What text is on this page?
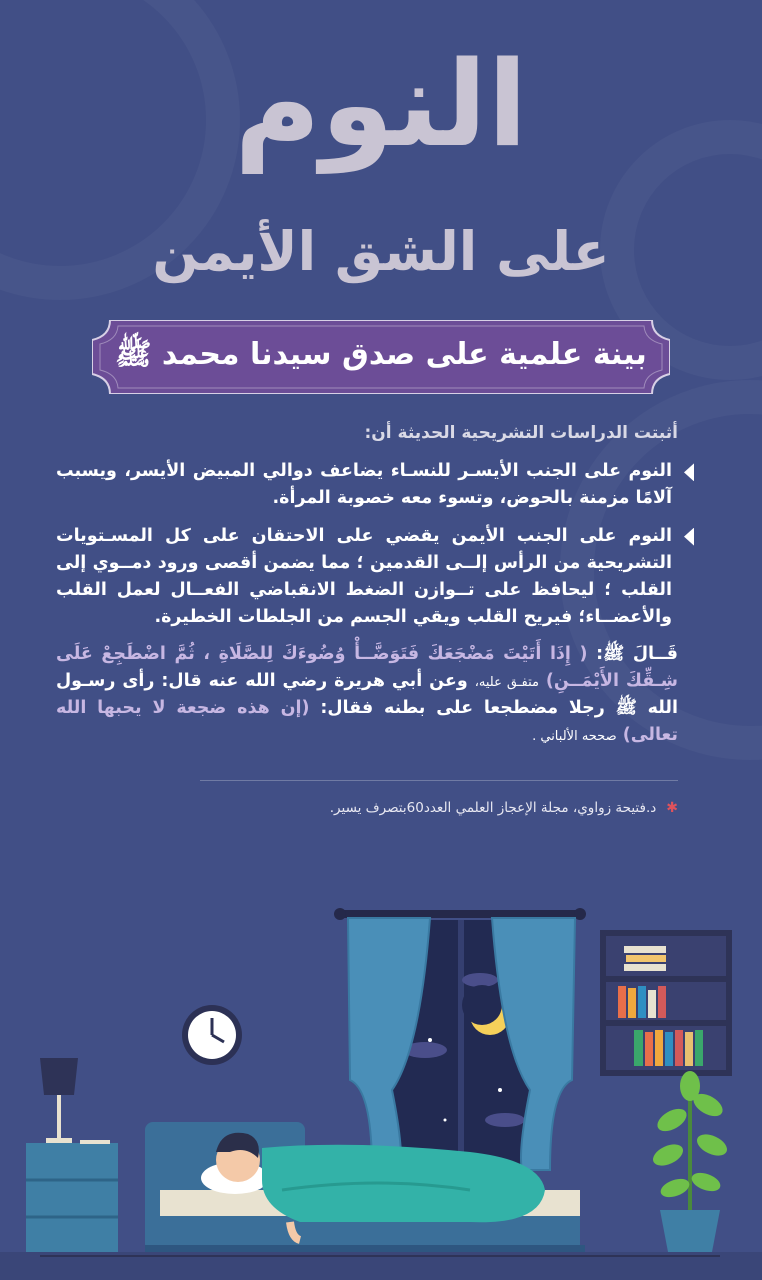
النوم
على الشق الأيمن
بينة علمية على صدق سيدنا محمد ﷺ
أثبتت الدراسات التشريحية الحديثة أن:
النوم على الجنب الأيسـر للنسـاء يضاعف دوالي المبيض الأيسر، ويسبب آلامًا مزمنة بالحوض، وتسوء معه خصوبة المرأة.
النوم على الجنب الأيمن يقضي على الاحتقان على كل المسـتويات التشريحية من الرأس إلــى القدمين ؛ مما يضمن أقصى ورود دمــوي إلى القلب ؛ ليحافظ على تــوازن الضغط الانقباضي الفعــال لعمل القلب والأعضــاء؛ فيريح القلب ويقي الجسم من الجلطات الخطيرة.
قَــالَ ﷺ: ( إِذَا أَتَيْتَ مَضْجَعَكَ فَتَوَضَّــأْ وُضُوءَكَ لِلصَّلَاةِ ، ثُمَّ اضْطَجِعْ عَلَى شِـقِّكَ الأَيْمَــنِ) متفـق عليه، وعن أبي هريرة رضي الله عنه قال: رأى رسـول الله ﷺ رجلا مضطجعا على بطنه فقال: (إن هذه ضجعة لا يحبها الله تعالى) صححه الألباني .
✱
د.فتيحة زواوي، مجلة الإعجاز العلمي العدد60بتصرف يسير.
